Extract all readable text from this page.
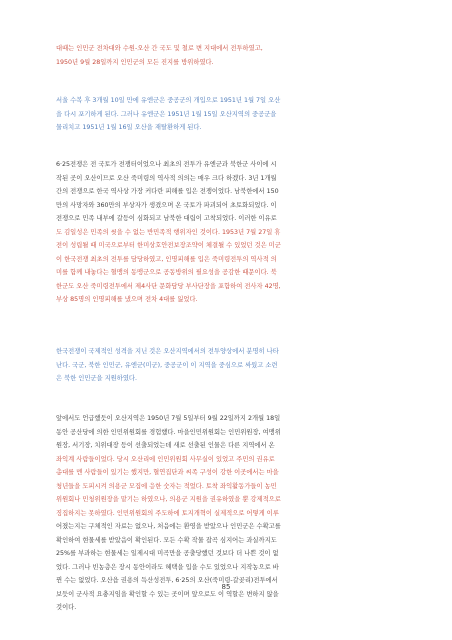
대때는 인민군 전차대와 수원-오산 간 국도 및 철로 변 지대에서 전투하였고,
1950년 9월 28일까지 인민군의 모든 진지를 방위하였다.
서울 수복 후 3개월 10일 만에 유엔군은 중공군의 개입으로 1951년 1월 7일 오산
을 다시 포기하게 된다. 그러나 유엔군은 1951년 1월 15일 오산지역의 중공군을
물리치고 1951년 1월 16일 오산을 재탈환하게 된다.
6·25전쟁은 전 국토가 전쟁터이었으나 최초의 전투가 유엔군과 북한군 사이에 시
작된 곳이 오산이므로 오산 죽미령의 역사적 의의는 매우 크다 하겠다. 3년 1개월
간의 전쟁으로 한국 역사상 가장 커다란 피해를 입은 전쟁이었다. 남북한에서 150
만의 사망자와 360만의 부상자가 생겼으며 온 국토가 파괴되어 초토화되었다. 이
전쟁으로 민족 내부에 갈등이 심화되고 남북한 대립이 고착되었다. 이러한 이유로
도 김일성은 민족의 씻을 수 없는 반민족적 행위자인 것이다. 1953년 7월 27일 휴
전이 성립될 때 미국으로부터 한미상호안전보장조약이 체결될 수 있었던 것은 미군
이 한국전쟁 최초의 전투를 담당하였고, 인명피해를 입은 죽미령전투의 역사적 의
미를 함께 내놓다는 혈맹의 동맹군으로 공동방위의 필요성을 공감한 때문이다. 북
한군도 오산 죽미령전투에서 제4사단 문화담당 부사단장을 포함하여 전사자 42명,
부상 85명의 인명피해를 냈으며 전차 4대를 잃었다.
한국전쟁이 국제적인 성격을 지닌 것은 오산지역에서의 전투양상에서 분명히 나타
난다. 국군, 북한 인민군, 유엔군(미군), 중공군이 이 지역을 중심으로 싸웠고 소련
은 북한 인민군을 지원하였다.
앞에서도 언급했듯이 오산지역은 1950년 7월 5일부터 9월 22일까지 2개월 18일
동안 공산당에 의한 인민위원회를 경험했다. 마을인민위원회는 인민위원장, 여맹위
원장, 서기장, 치위대장 등이 선출되었는데 새로 선출된 인물은 다른 지역에서 온
좌익계 사람들이었다. 당시 오산리에 인민위원회 사무실이 있었고 주민의 권유로
총대를 멘 사람들이 있기는 했지만, 혈연집단과 씨족 구성이 강한 이곳에서는 마을
청년들을 도피시켜 의용군 모집에 응한 숫자는 적었다. 토착 좌익활동가들이 농민
위원회나 민청위원장을 맡기는 하였으나, 의용군 지원을 권유하였을 뿐 강제적으로
징집하지는 못하였다. 인민위원회의 주도하에 토지개혁이 실제적으로 어떻게 이루
어졌는지는 구체적인 자료는 없으나, 처음에는 환영을 받았으나 인민군은 수확고를
확인하여 현물세를 받았음이 확인된다. 모든 수확 작물 잡곡 심지어는 과실까지도
25%를 부과하는 현물세는 일제시대 미곡만을 공출당했던 것보다 더 나쁜 것이 없
었다. 그러나 빈농층은 장시 동안이라도 혜택을 입을 수도 있었으나 지작농으로 바
뀐 수는 없었다. 오산읍 권용의 득산성전투, 6·25의 오산(죽미령-갈곶리)전투에서
보듯이 군사적 요충지임을 확인할 수 있는 곳이며 앞으로도 이 역할은 변하지 않을
것이다.
85
